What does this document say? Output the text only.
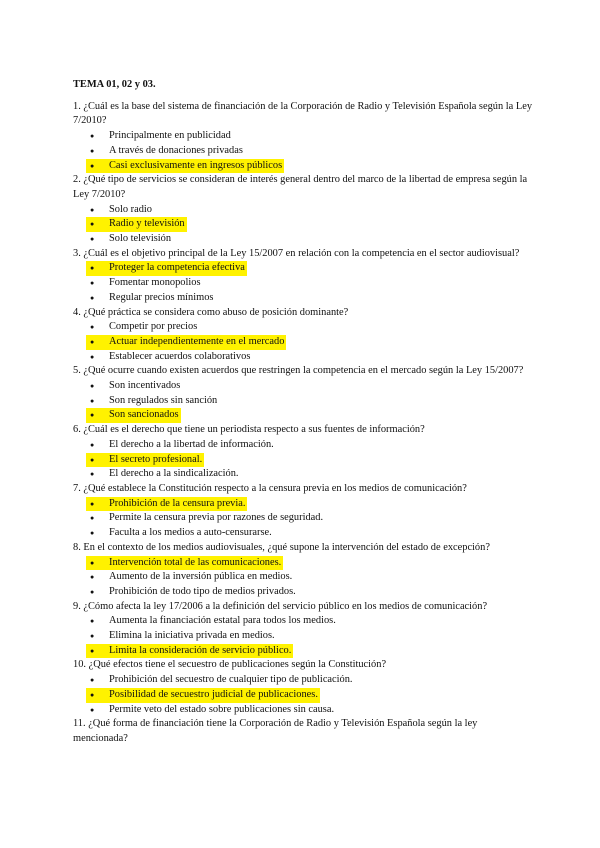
TEMA 01, 02 y 03.

1. ¿Cuál es la base del sistema de financiación de la Corporación de Radio y Televisión Española según la Ley 7/2010?

●	Principalmente en publicidad
●	A través de donaciones privadas
●	Casi exclusivamente en ingresos públicos

2. ¿Qué tipo de servicios se consideran de interés general dentro del marco de la libertad de empresa según la Ley 7/2010?

●	Solo radio
●	Radio y televisión
●	Solo televisión

3. ¿Cuál es el objetivo principal de la Ley 15/2007 en relación con la competencia en el sector audiovisual?

●	Proteger la competencia efectiva
●	Fomentar monopolios
●	Regular precios mínimos

4. ¿Qué práctica se considera como abuso de posición dominante?

●	Competir por precios
●	Actuar independientemente en el mercado
●	Establecer acuerdos colaborativos

5. ¿Qué ocurre cuando existen acuerdos que restringen la competencia en el mercado según la Ley 15/2007?

●	Son incentivados
●	Son regulados sin sanción
●	Son sancionados

6. ¿Cuál es el derecho que tiene un periodista respecto a sus fuentes de información?

●	El derecho a la libertad de información.
●	El secreto profesional.
●	El derecho a la sindicalización.

7. ¿Qué establece la Constitución respecto a la censura previa en los medios de comunicación?

●	Prohibición de la censura previa.
●	Permite la censura previa por razones de seguridad.
●	Faculta a los medios a auto-censurarse.

8. En el contexto de los medios audiovisuales, ¿qué supone la intervención del estado de excepción?

●	Intervención total de las comunicaciones.
●	Aumento de la inversión pública en medios.
●	Prohibición de todo tipo de medios privados.

9. ¿Cómo afecta la ley 17/2006 a la definición del servicio público en los medios de comunicación?

●	Aumenta la financiación estatal para todos los medios.
●	Elimina la iniciativa privada en medios.
●	Limita la consideración de servicio público.

10. ¿Qué efectos tiene el secuestro de publicaciones según la Constitución?

●	Prohibición del secuestro de cualquier tipo de publicación.
●	Posibilidad de secuestro judicial de publicaciones.
●	Permite veto del estado sobre publicaciones sin causa.

11. ¿Qué forma de financiación tiene la Corporación de Radio y Televisión Española según la ley mencionada?
